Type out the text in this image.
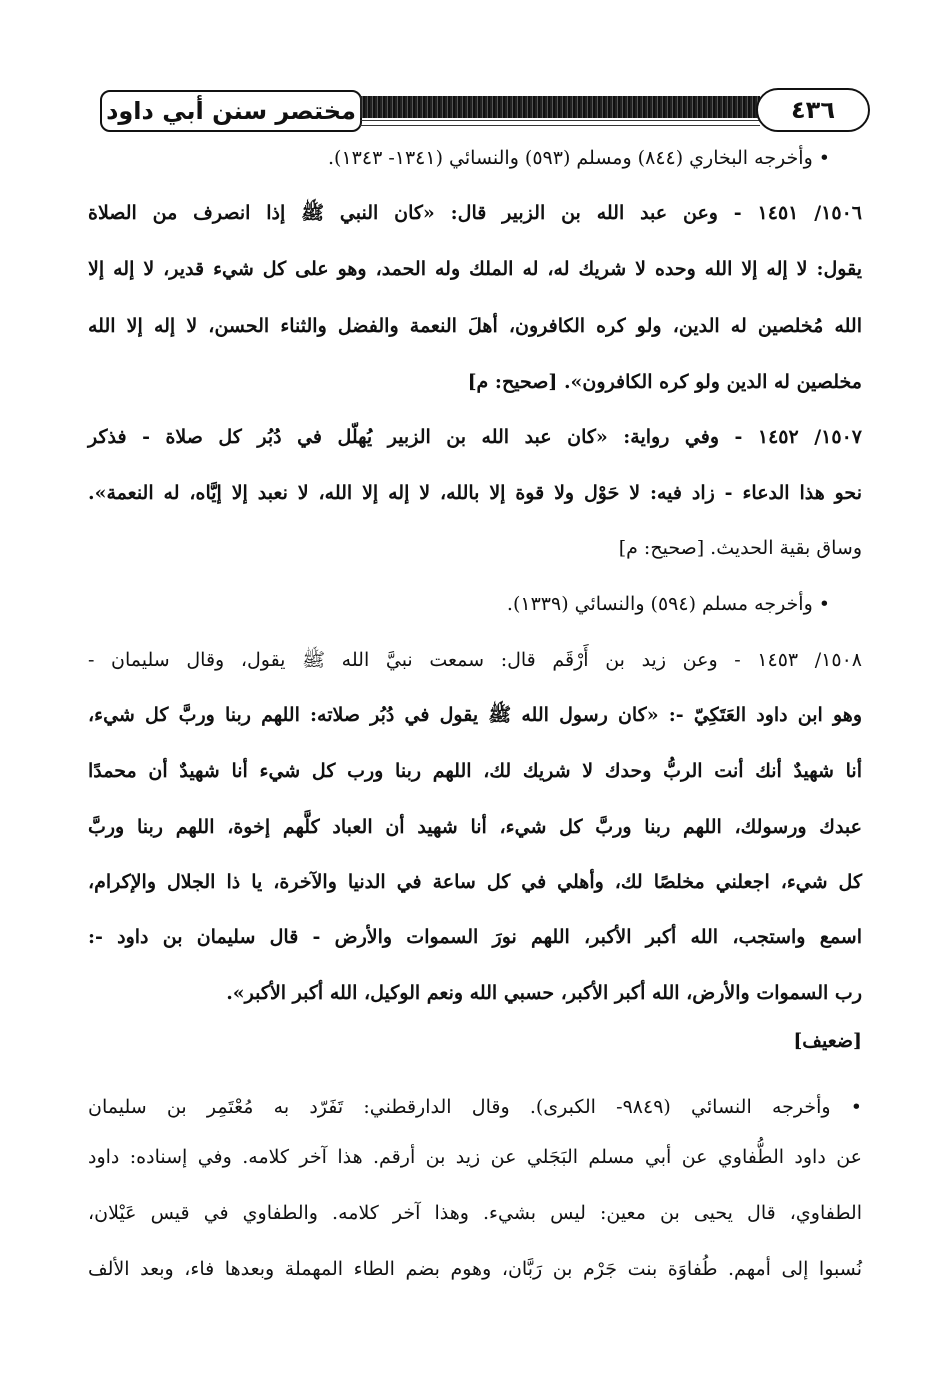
مختصر سنن أبي داود	٤٣٦
• وأخرجه البخاري (٨٤٤) ومسلم (٥٩٣) والنسائي (١٣٤١- ١٣٤٣).
١٥٠٦/ ١٤٥١ - وعن عبد الله بن الزبير قال: «كان النبي ﷺ إذا انصرف من الصلاة
يقول: لا إله إلا الله وحده لا شريك له، له الملك وله الحمد، وهو على كل شيء قدير، لا إله إلا
الله مُخلصين له الدين، ولو كره الكافرون، أهلَ النعمة والفضل والثناء الحسن، لا إله إلا الله
مخلصين له الدين ولو كره الكافرون». [صحيح: م]
١٥٠٧/ ١٤٥٢ - وفي رواية: «كان عبد الله بن الزبير يُهلّل في دُبُر كل صلاة - فذكر
نحو هذا الدعاء - زاد فيه: لا حَوْل ولا قوة إلا بالله، لا إله إلا الله، لا نعبد إلا إيَّاه، له النعمة».
وساق بقية الحديث. [صحيح: م]
• وأخرجه مسلم (٥٩٤) والنسائي (١٣٣٩).
١٥٠٨/ ١٤٥٣ - وعن زيد بن أَرْقَم قال: سمعت نبيَّ الله ﷺ يقول، وقال سليمان -
وهو ابن داود العَتَكِيّ -: «كان رسول الله ﷺ يقول في دُبُر صلاته: اللهم ربنا وربَّ كل شيء،
أنا شهيدٌ أنك أنت الربُّ وحدك لا شريك لك، اللهم ربنا ورب كل شيء أنا شهيدٌ أن محمدًا
عبدك ورسولك، اللهم ربنا وربَّ كل شيء، أنا شهيد أن العباد كلَّهم إخوة، اللهم ربنا وربَّ
كل شيء، اجعلني مخلصًا لك، وأهلي في كل ساعة في الدنيا والآخرة، يا ذا الجلال والإكرام،
اسمع واستجب، الله أكبر الأكبر، اللهم نورَ السموات والأرض - قال سليمان بن داود -:
رب السموات والأرض، الله أكبر الأكبر، حسبي الله ونعم الوكيل، الله أكبر الأكبر».
[ضعيف]
• وأخرجه النسائي (٩٨٤٩- الكبرى). وقال الدارقطني: تَفَرّد به مُعْتَمِر بن سليمان
عن داود الطُّفاوي عن أبي مسلم البَجَلي عن زيد بن أرقم. هذا آخر كلامه. وفي إسناده: داود
الطفاوي، قال يحيى بن معين: ليس بشيء. وهذا آخر كلامه. والطفاوي في قيس عَيْلان،
نُسبوا إلى أمهم. طُفاوَة بنت جَرْم بن رَبَّان، وهوم بضم الطاء المهملة وبعدها فاء، وبعد الألف
